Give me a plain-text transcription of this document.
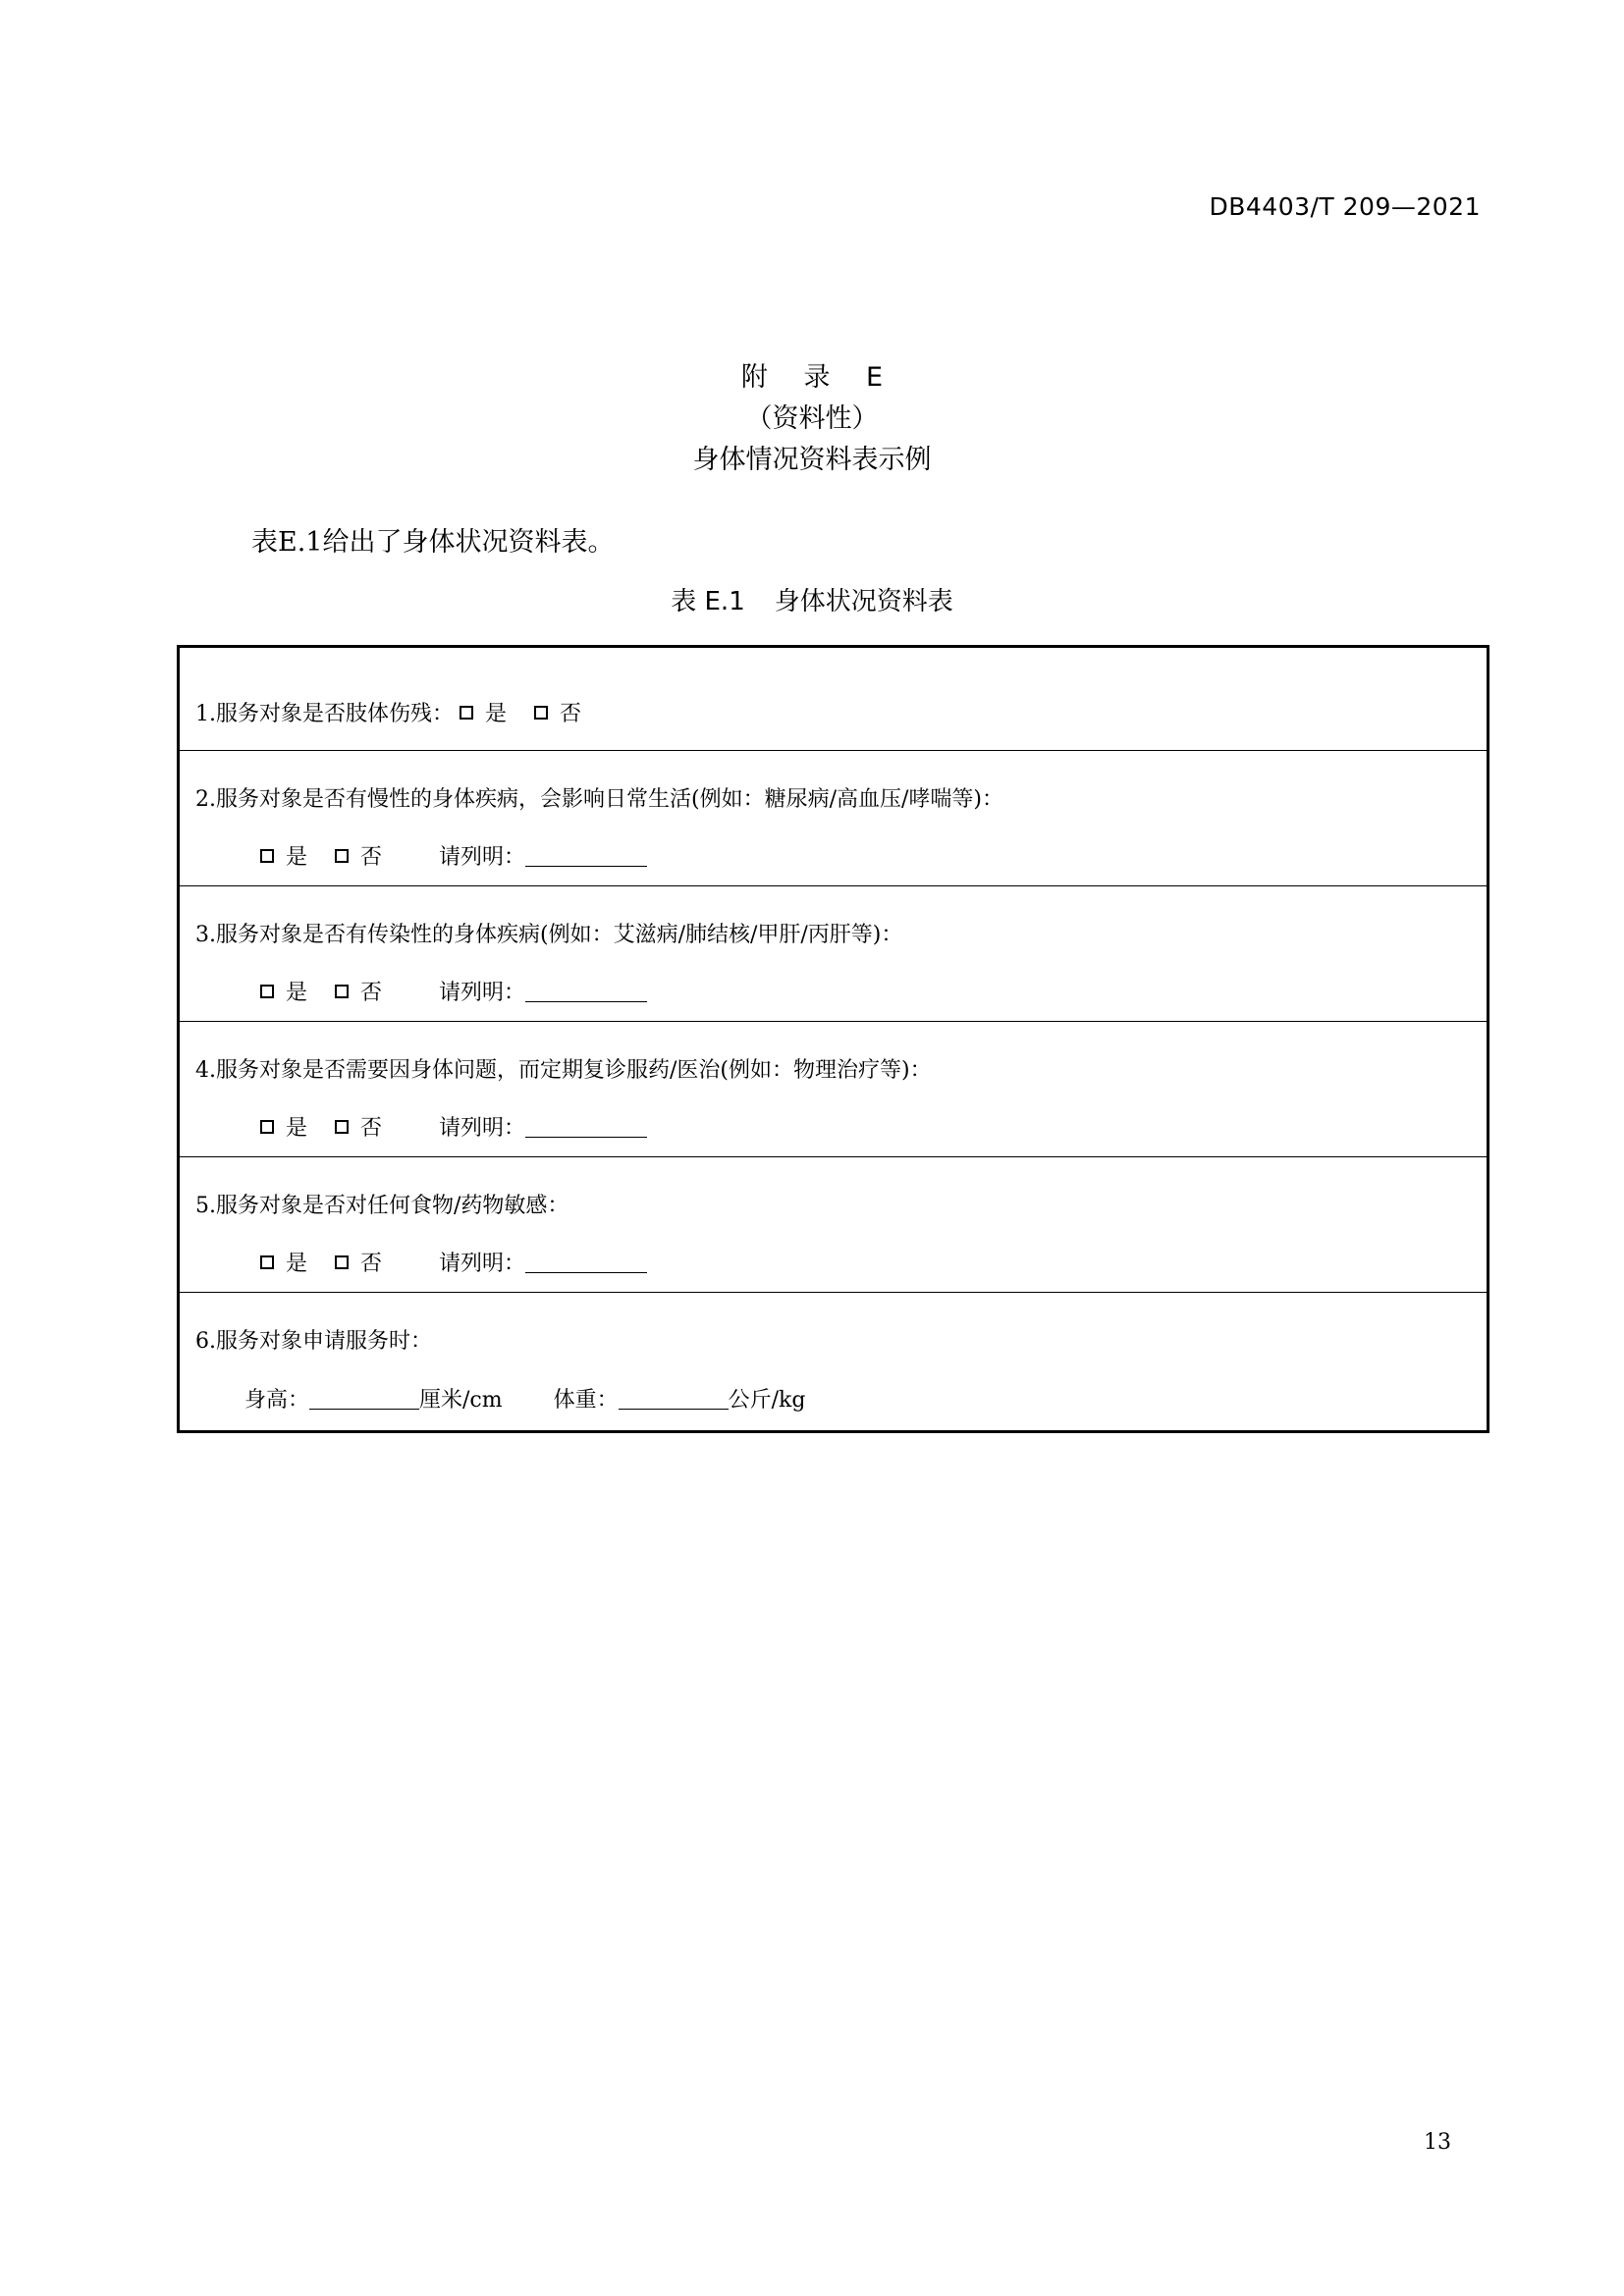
DB4403/T 209—2021
附 录 E
（资料性）
身体情况资料表示例
表E.1给出了身体状况资料表。
表 E.1 身体状况资料表
1.服务对象是否肢体伤残： 是 否
2.服务对象是否有慢性的身体疾病，会影响日常生活(例如：糖尿病/高血压/哮喘等)：
是 否	请列明：
3.服务对象是否有传染性的身体疾病(例如：艾滋病/肺结核/甲肝/丙肝等)：
是 否	请列明：
4.服务对象是否需要因身体问题，而定期复诊服药/医治(例如：物理治疗等)：
是 否	请列明：
5.服务对象是否对任何食物/药物敏感：
是 否	请列明：
6.服务对象申请服务时：
身高：	厘米/cm 体重：	公斤/kg
13
